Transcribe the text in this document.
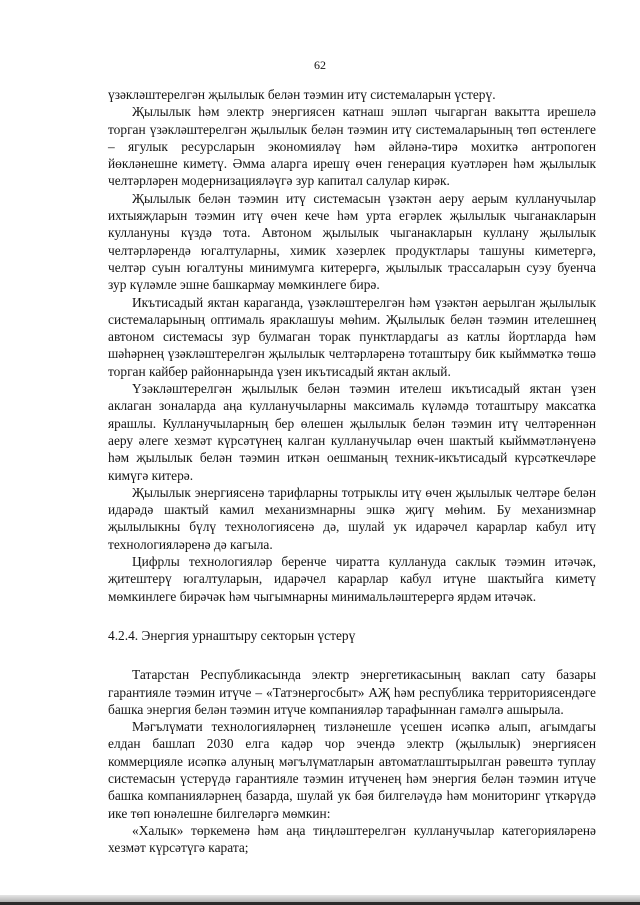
62

үзәкләштерелгән җылылык белән тәэмин итү системаларын үстерү.

Җылылык һәм электр энергиясен катнаш эшләп чыгарган вакытта ирешелә торган үзәкләштерелгән җылылык белән тәэмин итү системаларының төп өстенлеге – ягулык ресурсларын экономияләү һәм әйләнә-тирә мохиткә антропоген йөкләнешне киметү. Әмма аларга ирешү өчен генерация куәтләрен һәм җылылык челтәрләрен модернизацияләүгә зур капитал салулар кирәк.

Җылылык белән тәэмин итү системасын үзәктән аеру аерым кулланучылар ихтыяҗларын тәэмин итү өчен кече һәм урта егәрлек җылылык чыганакларын куллануны күздә тота. Автоном җылылык чыганакларын куллану җылылык челтәрләрендә югалтуларны, химик хәзерлек продуктлары ташуны киметергә, челтәр суын югалтуны минимумга китерергә, җылылык трассаларын суэу буенча зур күләмле эшне башкармау мөмкинлеге бирә.

Икътисадый яктан караганда, үзәкләштерелгән һәм үзәктән аерылган җылылык системаларының оптималь яраклашуы мөһим. Җылылык белән тәэмин ителешнең автоном системасы зур булмаган торак пунктлардагы аз катлы йортларда һәм шәһәрнең үзәкләштерелгән җылылык челтәрләренә тоташтыру бик кыйммәткә төшә торган кайбер районнарында үзен икътисадый яктан аклый.

Үзәкләштерелгән җылылык белән тәэмин ителеш икътисадый яктан үзен аклаган зоналарда аңа кулланучыларны максималь күләмдә тоташтыру максатка ярашлы. Кулланучыларның бер өлешен җылылык белән тәэмин итү челтәреннән аеру әлеге хезмәт күрсәтүнең калган кулланучылар өчен шактый кыйммәтләнүенә һәм җылылык белән тәэмин иткән оешманың техник-икътисадый күрсәткечләре кимүгә китерә.

Җылылык энергиясенә тарифларны тотрыклы итү өчен җылылык челтәре белән идарәдә шактый камил механизмнарны эшкә җигү мөһим. Бу механизмнар җылылыкны бүлү технологиясенә дә, шулай ук идарәчел карарлар кабул итү технологияләренә дә кагыла.

Цифрлы технологияләр беренче чиратта кулланудa саклык тәэмин итәчәк, җитештерү югалтуларын, идарәчел карарлар кабул итүне шактыйга киметү мөмкинлеге бирәчәк һәм чыгымнарны минимальләштерергә ярдәм итәчәк.

4.2.4. Энергия урнаштыру секторын үстерү

Татарстан Республикасында электр энергетикасының ваклап сату базары гарантияле тәэмин итүче – «Татэнергосбыт» АҖ һәм республика территориясендәге башка энергия белән тәэмин итүче компанияләр тарафыннан гамәлгә ашырыла.

Мәгълүмати технологияләрнең тизләнешле үсешен исәпкә алып, агымдагы елдан башлап 2030 елга кадәр чор эчендә электр (җылылык) энергиясен коммерцияле исәпкә алуның мәгълүматларын автоматлаштырылган рәвештә туплау системасын үстерүдә гарантияле тәэмин итүченең һәм энергия белән тәэмин итүче башка компанияләрнең базарда, шулай ук бәя билгеләүдә һәм мониторинг үткәрүдә ике төп юнәлешне билгеләргә мөмкин:

«Халык» төркеменә һәм аңа тиңләштерелгән кулланучылар категорияләренә хезмәт күрсәтүгә карата;
